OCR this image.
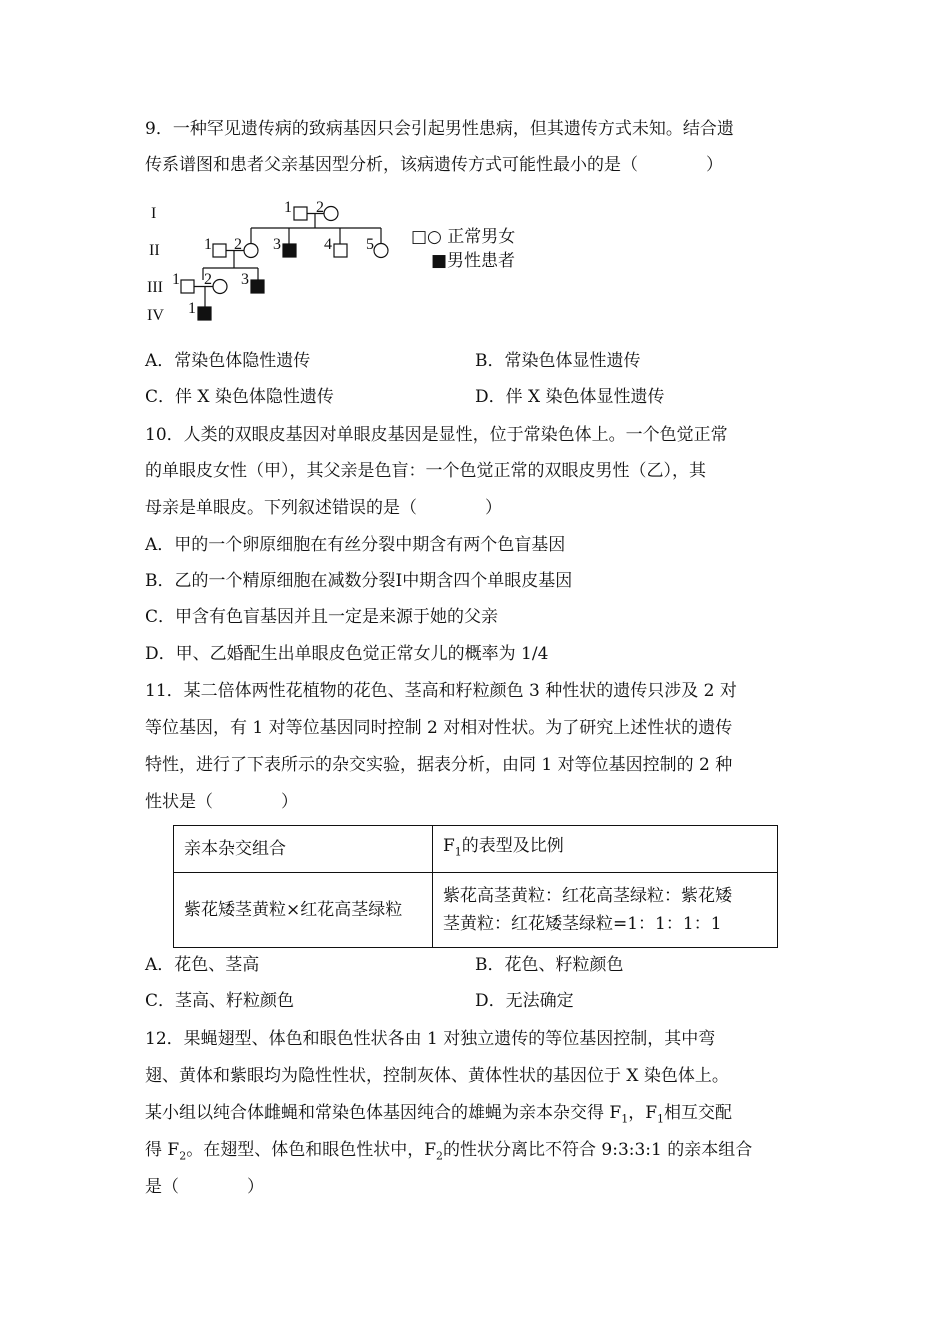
9．一种罕见遗传病的致病基因只会引起男性患病，但其遗传方式未知。结合遗
传系谱图和患者父亲基因型分析，该病遗传方式可能性最小的是（　　　　）
A．常染色体隐性遗传	B．常染色体显性遗传
C．伴 X 染色体隐性遗传	D．伴 X 染色体显性遗传
10．人类的双眼皮基因对单眼皮基因是显性，位于常染色体上。一个色觉正常
的单眼皮女性（甲），其父亲是色盲：一个色觉正常的双眼皮男性（乙），其
母亲是单眼皮。下列叙述错误的是（　　　　）
A．甲的一个卵原细胞在有丝分裂中期含有两个色盲基因
B．乙的一个精原细胞在减数分裂Ⅰ中期含四个单眼皮基因
C．甲含有色盲基因并且一定是来源于她的父亲
D．甲、乙婚配生出单眼皮色觉正常女儿的概率为 1/4
11．某二倍体两性花植物的花色、茎高和籽粒颜色 3 种性状的遗传只涉及 2 对
等位基因，有 1 对等位基因同时控制 2 对相对性状。为了研究上述性状的遗传
特性，进行了下表所示的杂交实验，据表分析，由同 1 对等位基因控制的 2 种
性状是（　　　　）
A．花色、茎高	B．花色、籽粒颜色
C．茎高、籽粒颜色	D．无法确定
12．果蝇翅型、体色和眼色性状各由 1 对独立遗传的等位基因控制，其中弯
翅、黄体和紫眼均为隐性性状，控制灰体、黄体性状的基因位于 X 染色体上。
某小组以纯合体雌蝇和常染色体基因纯合的雄蝇为亲本杂交得 $F_1$，$F_1$相互交配
得 $F_2$。在翅型、体色和眼色性状中，$F_2$的性状分离比不符合 9:3:3:1 的亲本组合
是（　　　　）
I
II
III
IV
1 2
1 2 3	4 5
1 2 3
1
□○ 正常男女
■男性患者
亲本杂交组合	$F_1$的表型及比例
紫花矮茎黄粒×红花高茎绿粒	紫花高茎黄粒：红花高茎绿粒：紫花矮
茎黄粒：红花矮茎绿粒=1：1：1：1
